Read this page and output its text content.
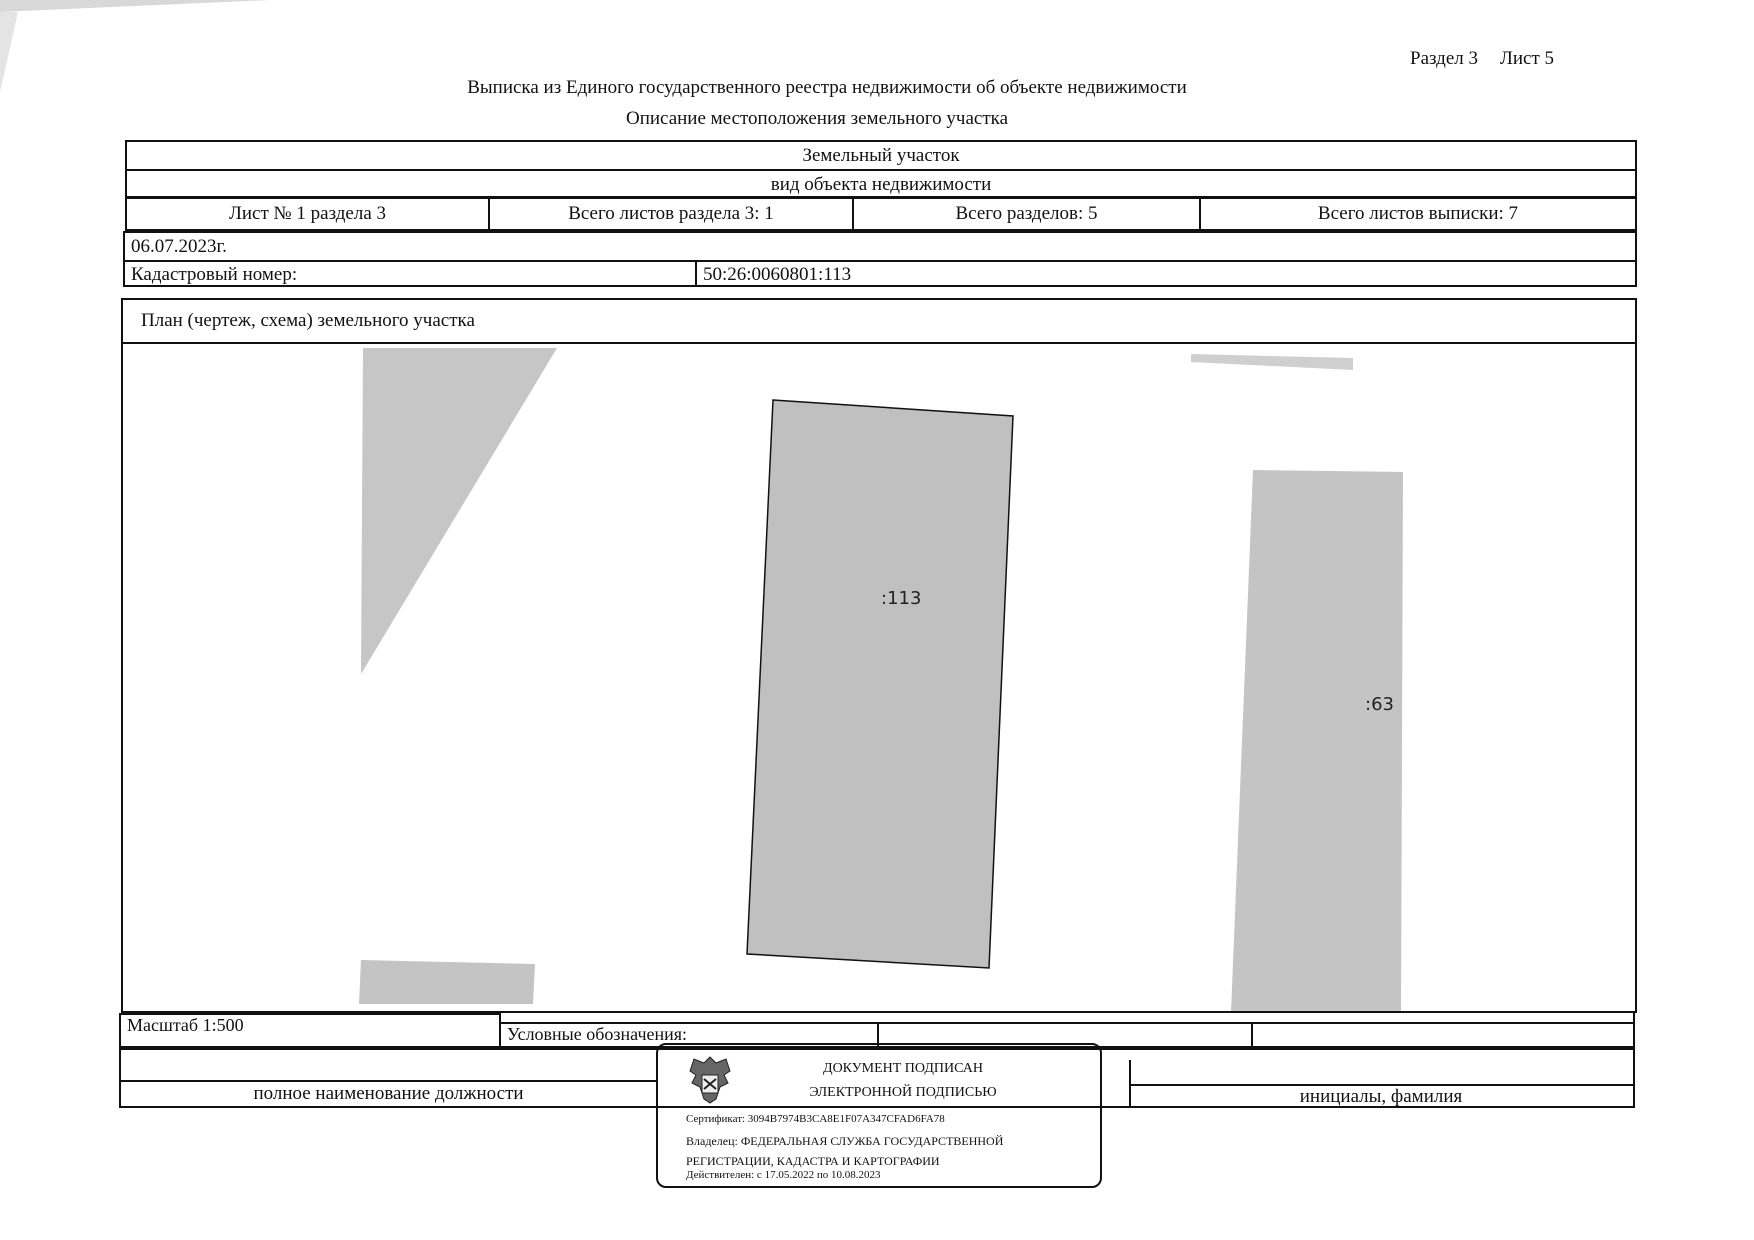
Раздел 3 Лист 5
Выписка из Единого государственного реестра недвижимости об объекте недвижимости
Описание местоположения земельного участка
Земельный участок
вид объекта недвижимости
Лист № 1 раздела 3	Всего листов раздела 3: 1	Всего разделов: 5	Всего листов выписки: 7
06.07.2023г.
Кадастровый номер:	50:26:0060801:113
План (чертеж, схема) земельного участка
:113
:63
Масштаб 1:500	Условные обозначения:
полное наименование должности	инициалы, фамилия
ДОКУМЕНТ ПОДПИСАН
ЭЛЕКТРОННОЙ ПОДПИСЬЮ
Сертификат: 3094B7974B3CA8E1F07A347CFAD6FA78
Владелец: ФЕДЕРАЛЬНАЯ СЛУЖБА ГОСУДАРСТВЕННОЙ
РЕГИСТРАЦИИ, КАДАСТРА И КАРТОГРАФИИ
Действителен: с 17.05.2022 по 10.08.2023
